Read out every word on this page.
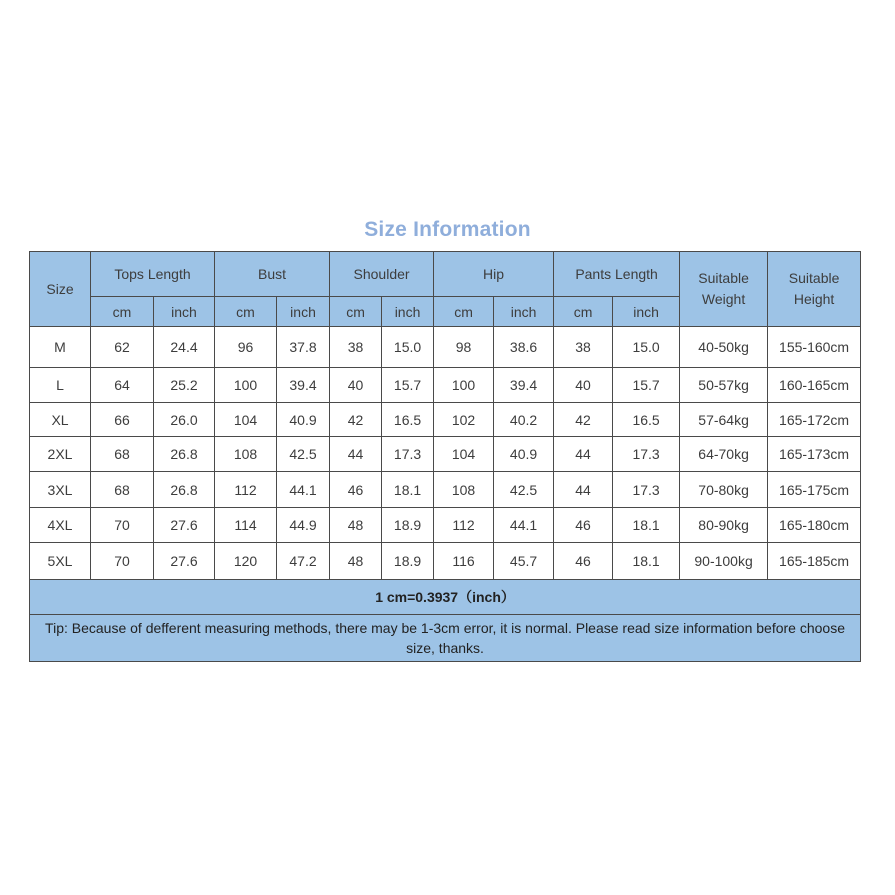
Size Information
Size	Tops Length		Bust		Shoulder		Hip		Pants Length		Suitable Weight	Suitable Height
	cm	inch	cm	inch	cm	inch	cm	inch	cm	inch		
M	62	24.4	96	37.8	38	15.0	98	38.6	38	15.0	40-50kg	155-160cm
L	64	25.2	100	39.4	40	15.7	100	39.4	40	15.7	50-57kg	160-165cm
XL	66	26.0	104	40.9	42	16.5	102	40.2	42	16.5	57-64kg	165-172cm
2XL	68	26.8	108	42.5	44	17.3	104	40.9	44	17.3	64-70kg	165-173cm
3XL	68	26.8	112	44.1	46	18.1	108	42.5	44	17.3	70-80kg	165-175cm
4XL	70	27.6	114	44.9	48	18.9	112	44.1	46	18.1	80-90kg	165-180cm
5XL	70	27.6	120	47.2	48	18.9	116	45.7	46	18.1	90-100kg	165-185cm
1 cm=0.3937（inch）												
Tip: Because of defferent measuring methods, there may be 1-3cm error, it is normal. Please read size information before choose size, thanks.												
